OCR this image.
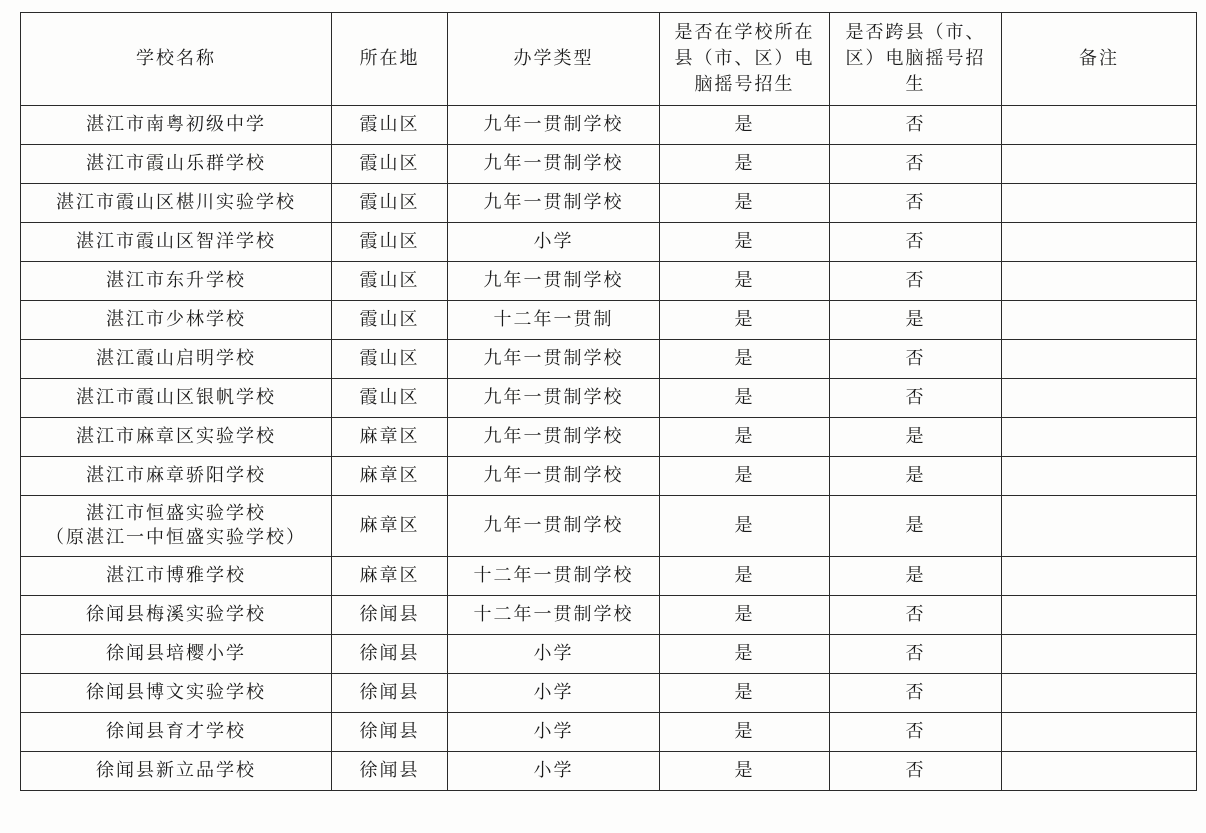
学校名称	所在地	办学类型	是否在学校所在县（市、区）电脑摇号招生	是否跨县（市、区）电脑摇号招生	备注
湛江市南粤初级中学	霞山区	九年一贯制学校	是	否	
湛江市霞山乐群学校	霞山区	九年一贯制学校	是	否	
湛江市霞山区椹川实验学校	霞山区	九年一贯制学校	是	否	
湛江市霞山区智洋学校	霞山区	小学	是	否	
湛江市东升学校	霞山区	九年一贯制学校	是	否	
湛江市少林学校	霞山区	十二年一贯制	是	是	
湛江霞山启明学校	霞山区	九年一贯制学校	是	否	
湛江市霞山区银帆学校	霞山区	九年一贯制学校	是	否	
湛江市麻章区实验学校	麻章区	九年一贯制学校	是	是	
湛江市麻章骄阳学校	麻章区	九年一贯制学校	是	是	

湛江市恒盛实验学校
（原湛江一中恒盛实验学校）	麻章区	九年一贯制学校	是	是	
湛江市博雅学校	麻章区	十二年一贯制学校	是	是	
徐闻县梅溪实验学校	徐闻县	十二年一贯制学校	是	否	
徐闻县培樱小学	徐闻县	小学	是	否	
徐闻县博文实验学校	徐闻县	小学	是	否	
徐闻县育才学校	徐闻县	小学	是	否	
徐闻县新立品学校	徐闻县	小学	是	否	
